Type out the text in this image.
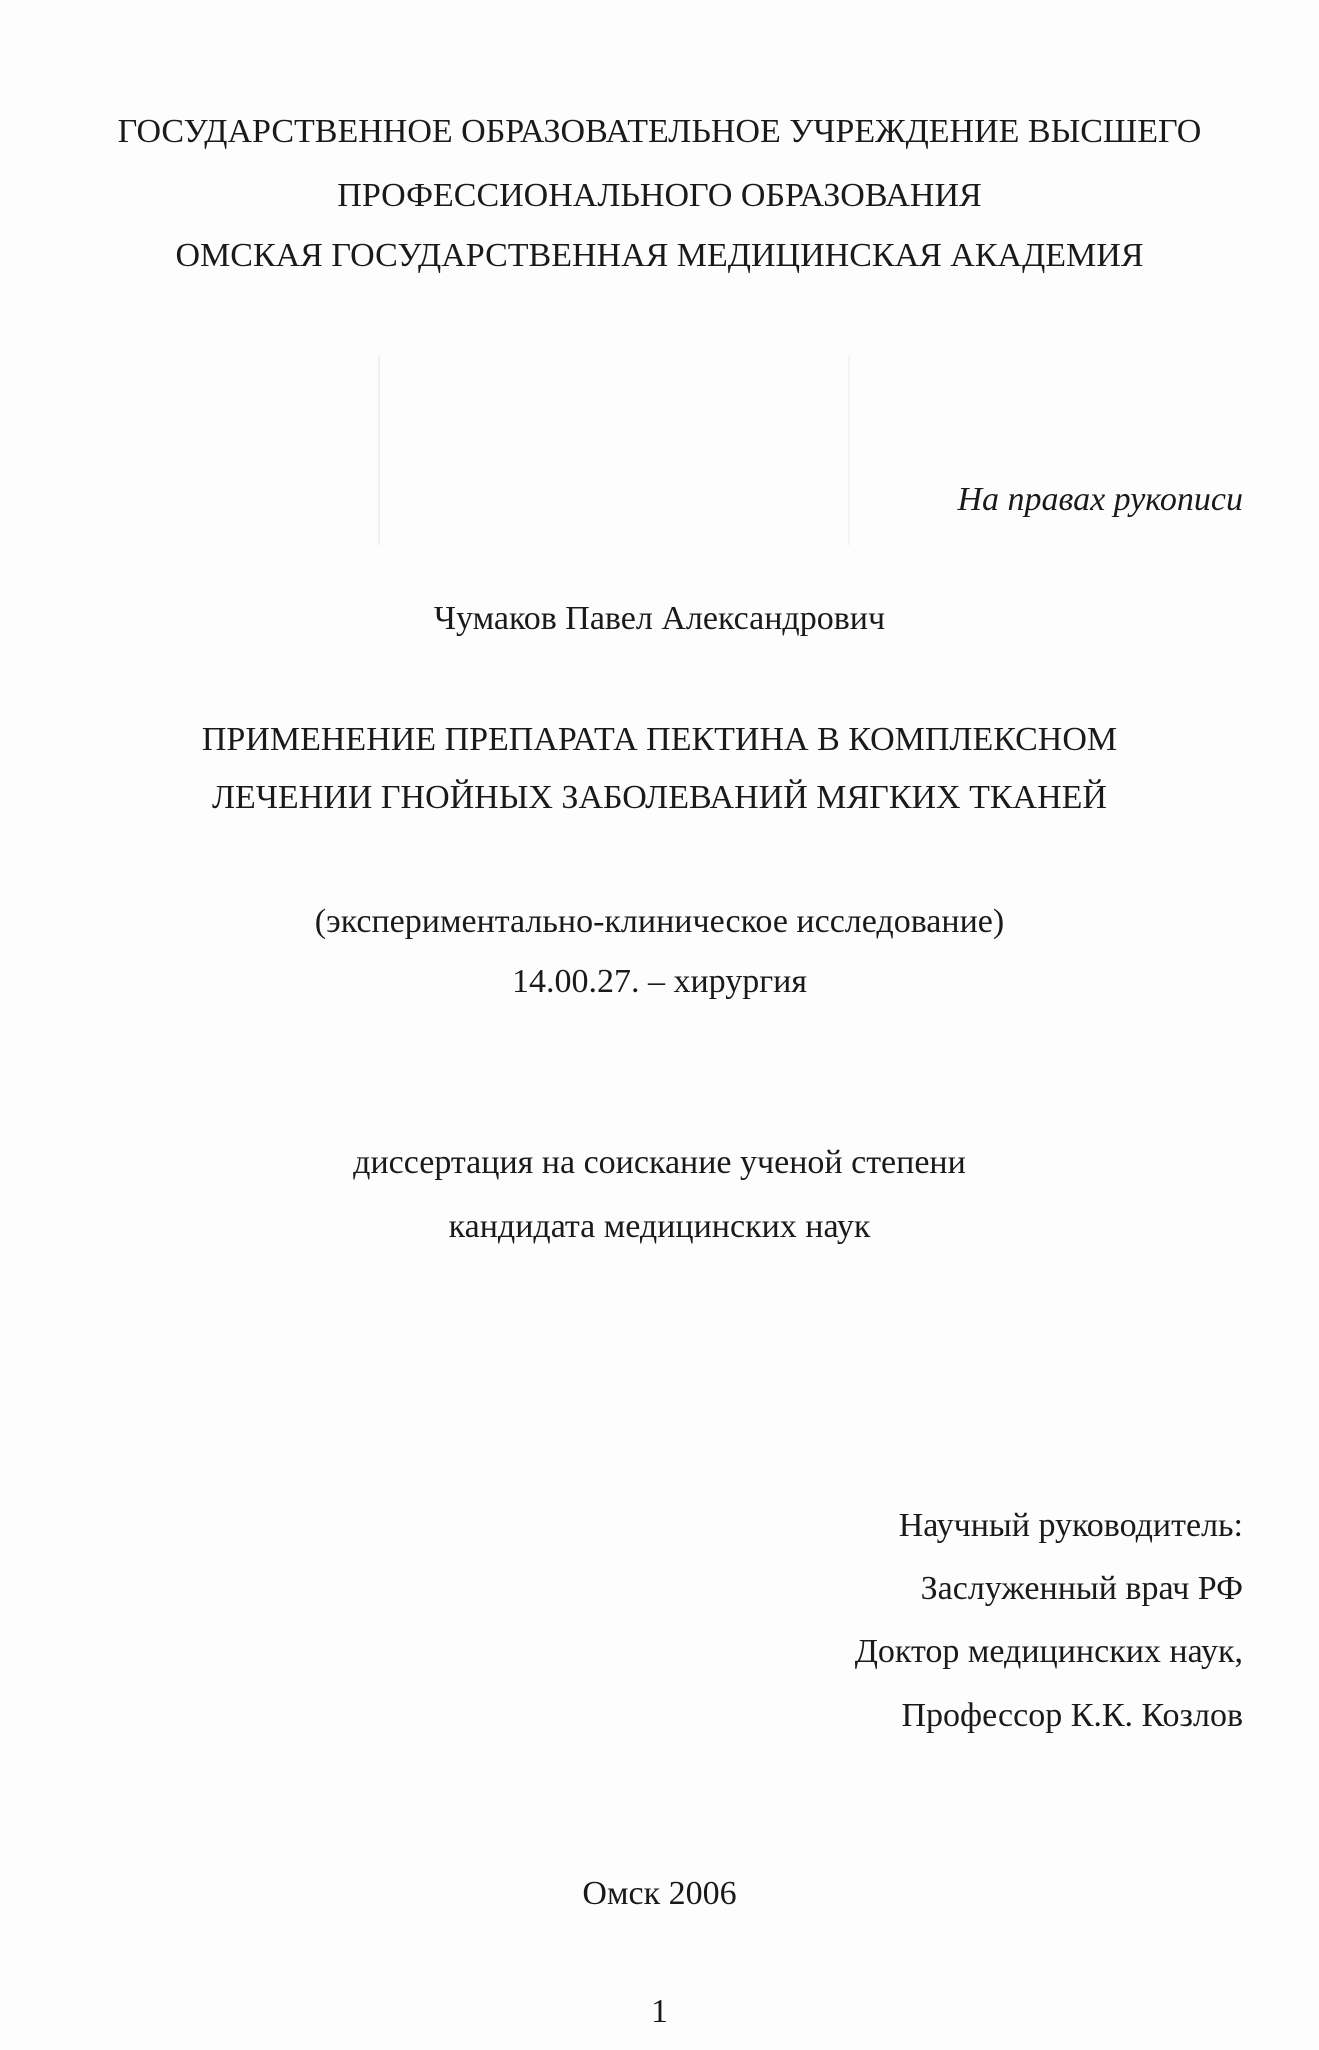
ГОСУДАРСТВЕННОЕ ОБРАЗОВАТЕЛЬНОЕ УЧРЕЖДЕНИЕ ВЫСШЕГО
ПРОФЕССИОНАЛЬНОГО ОБРАЗОВАНИЯ
ОМСКАЯ ГОСУДАРСТВЕННАЯ МЕДИЦИНСКАЯ АКАДЕМИЯ
На правах рукописи
Чумаков Павел Александрович
ПРИМЕНЕНИЕ ПРЕПАРАТА ПЕКТИНА В КОМПЛЕКСНОМ
ЛЕЧЕНИИ ГНОЙНЫХ ЗАБОЛЕВАНИЙ МЯГКИХ ТКАНЕЙ
(экспериментально-клиническое исследование)
14.00.27. – хирургия
диссертация на соискание ученой степени
кандидата медицинских наук
Научный руководитель:
Заслуженный врач РФ
Доктор медицинских наук,
Профессор К.К. Козлов
Омск 2006
1
